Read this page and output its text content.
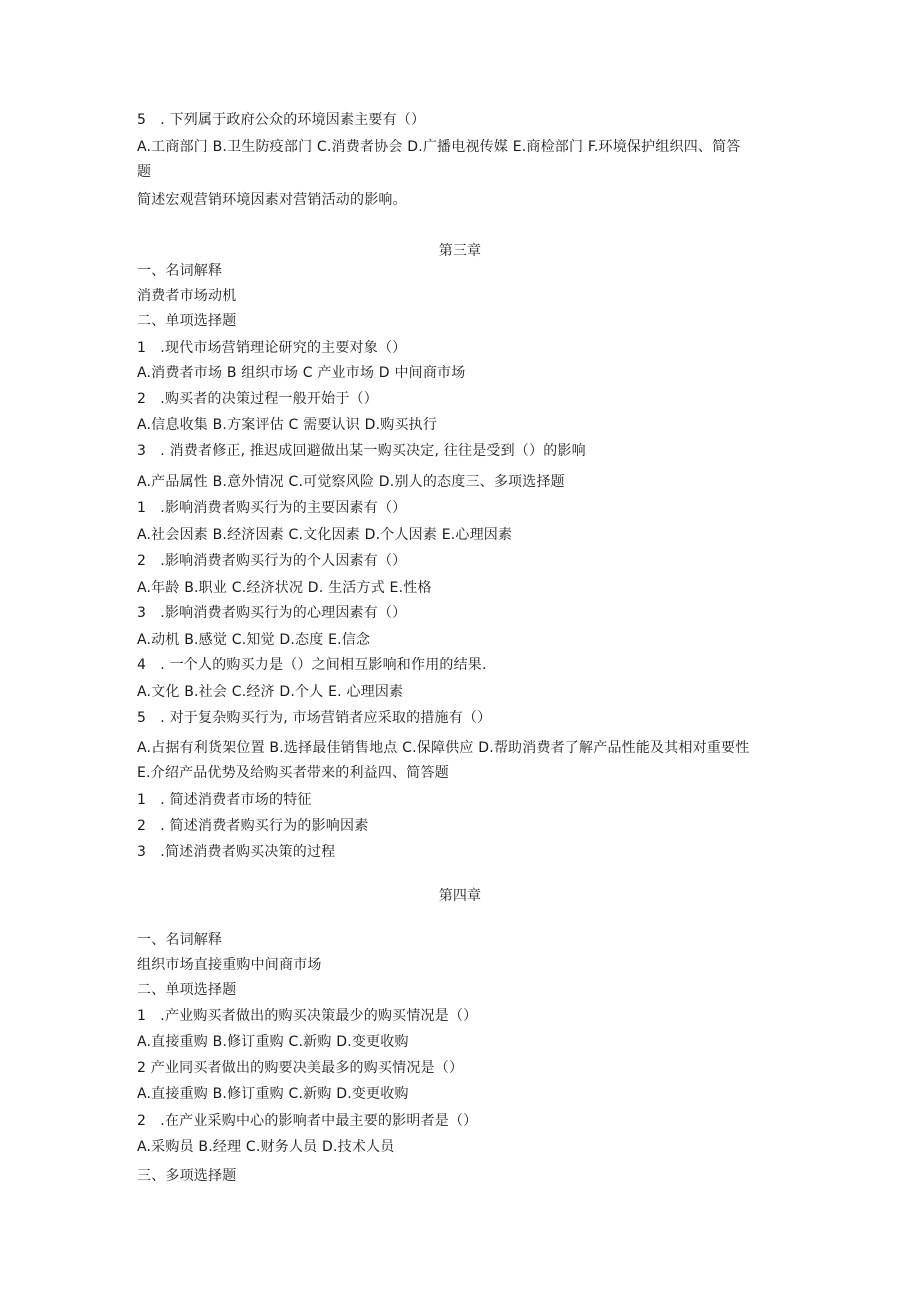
5　. 下列属于政府公众的环境因素主要有（）
A.工商部门 B.卫生防疫部门 C.消费者协会 D.广播电视传媒 E.商检部门 F.环境保护组织四、简答
题
简述宏观营销环境因素对营销活动的影响。
第三章
一、名词解释
消费者市场动机
二、单项选择题
1　.现代市场营销理论研究的主要对象（）
A.消费者市场 B 组织市场 C 产业市场 D 中间商市场
2　.购买者的决策过程一般开始于（）
A.信息收集 B.方案评估 C 需要认识 D.购买执行
3　. 消费者修正, 推迟成回避做出某一购买决定, 往往是受到（）的影响
A.产品属性 B.意外情况 C.可觉察风险 D.别人的态度三、多项选择题
1　.影响消费者购买行为的主要因素有（）
A.社会因素 B.经济因素 C.文化因素 D.个人因素 E.心理因素
2　.影响消费者购买行为的个人因素有（）
A.年龄 B.职业 C.经济状况 D. 生活方式 E.性格
3　.影响消费者购买行为的心理因素有（）
A.动机 B.感觉 C.知觉 D.态度 E.信念
4　. 一个人的购买力是（）之间相互影响和作用的结果.
A.文化 B.社会 C.经济 D.个人 E. 心理因素
5　. 对于复杂购买行为, 市场营销者应采取的措施有（）
A.占据有利货架位置 B.选择最佳销售地点 C.保障供应 D.帮助消费者了解产品性能及其相对重要性
E.介绍产品优势及给购买者带来的利益四、简答题
1　. 简述消费者市场的特征
2　. 简述消费者购买行为的影响因素
3　.简述消费者购买决策的过程
第四章
一、名词解释
组织市场直接重购中间商市场
二、单项选择题
1　.产业购买者做出的购买决策最少的购买情况是（）
A.直接重购 B.修订重购 C.新购 D.变更收购
2 产业同买者做出的购要决美最多的购买情况是（）
A.直接重购 B.修订重购 C.新购 D.变更收购
2　.在产业采购中心的影响者中最主要的影明者是（）
A.采购员 B.经理 C.财务人员 D.技术人员
三、多项选择题
